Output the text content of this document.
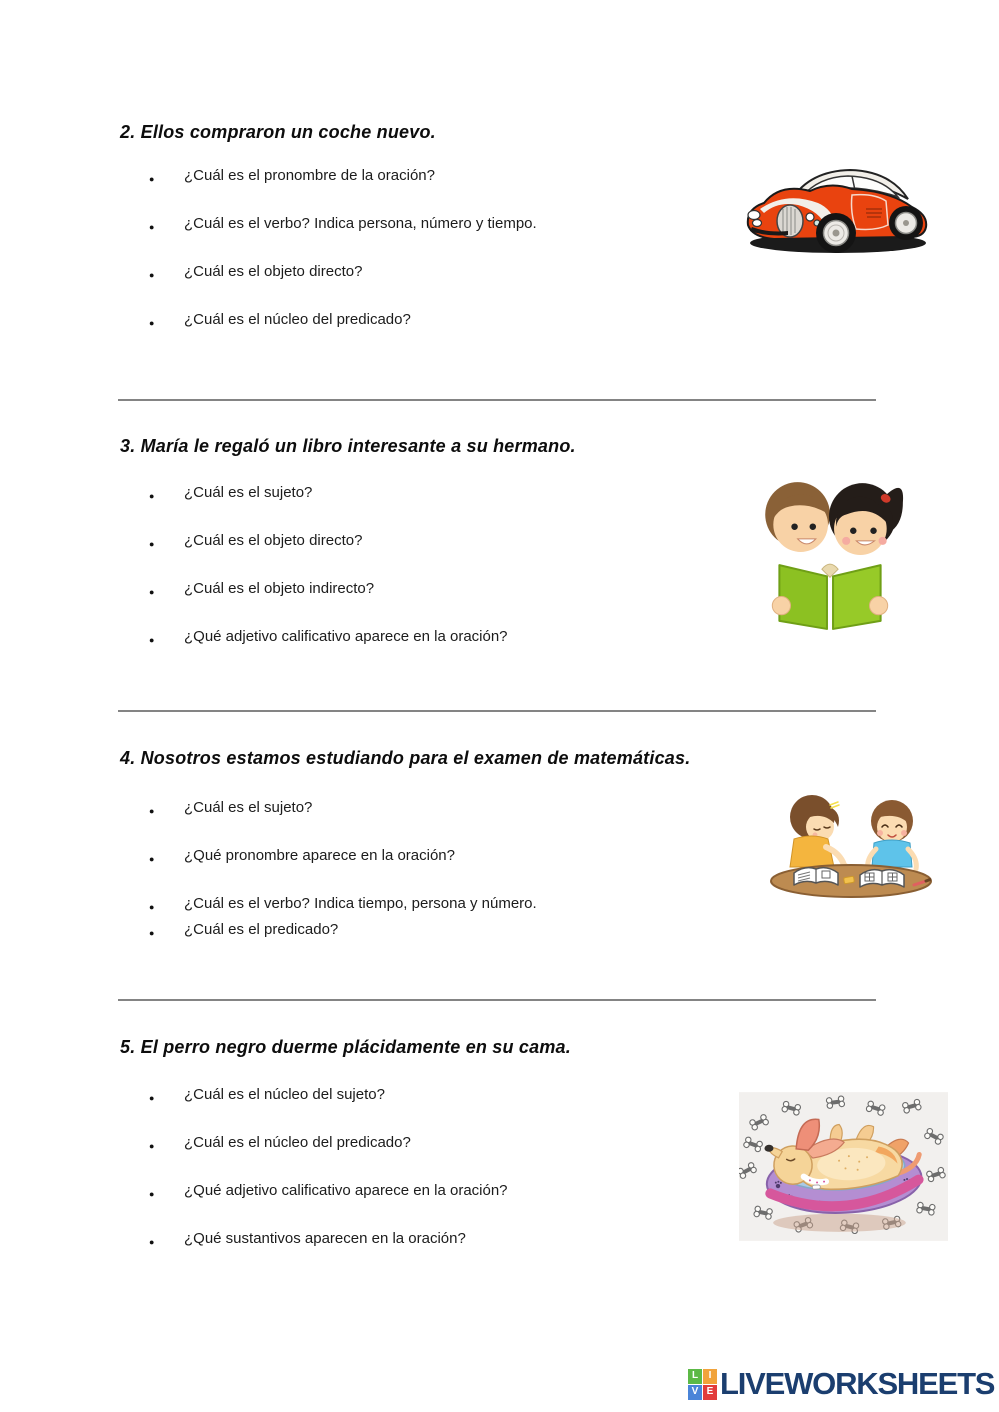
2. Ellos compraron un coche nuevo.
● ¿Cuál es el pronombre de la oración?
● ¿Cuál es el verbo? Indica persona, número y tiempo.
● ¿Cuál es el objeto directo?
● ¿Cuál es el núcleo del predicado?
3. María le regaló un libro interesante a su hermano.
● ¿Cuál es el sujeto?
● ¿Cuál es el objeto directo?
● ¿Cuál es el objeto indirecto?
● ¿Qué adjetivo calificativo aparece en la oración?
4. Nosotros estamos estudiando para el examen de matemáticas.
● ¿Cuál es el sujeto?
● ¿Qué pronombre aparece en la oración?
● ¿Cuál es el verbo? Indica tiempo, persona y número.
● ¿Cuál es el predicado?
5. El perro negro duerme plácidamente en su cama.
● ¿Cuál es el núcleo del sujeto?
● ¿Cuál es el núcleo del predicado?
● ¿Qué adjetivo calificativo aparece en la oración?
● ¿Qué sustantivos aparecen en la oración?
L	I
V E LIVEWORKSHEETS
